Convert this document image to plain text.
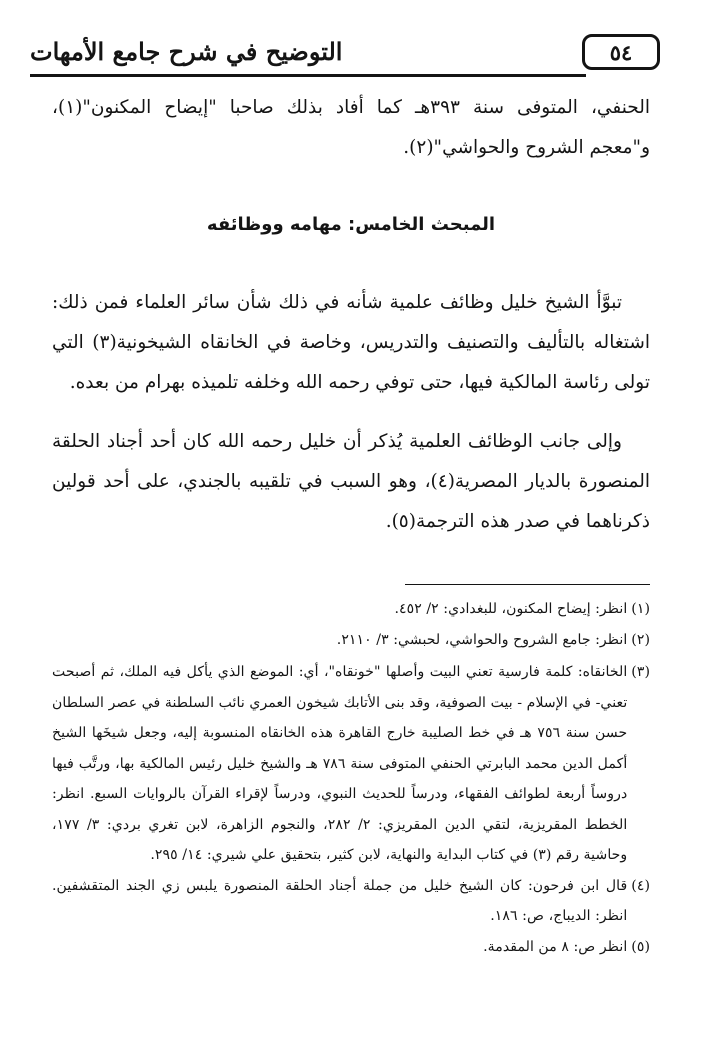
٥٤
التوضيح في شرح جامع الأمهات
الحنفي، المتوفى سنة ٣٩٣هـ كما أفاد بذلك صاحبا "إيضاح المكنون"(١)، و"معجم الشروح والحواشي"(٢).
المبحث الخامس: مهامه ووظائفه
تبوَّأ الشيخ خليل وظائف علمية شأنه في ذلك شأن سائر العلماء فمن ذلك: اشتغاله بالتأليف والتصنيف والتدريس، وخاصة في الخانقاه الشيخونية(٣) التي تولى رئاسة المالكية فيها، حتى توفي رحمه الله وخلفه تلميذه بهرام من بعده.
وإلى جانب الوظائف العلمية يُذكر أن خليل رحمه الله كان أحد أجناد الحلقة المنصورة بالديار المصرية(٤)، وهو السبب في تلقيبه بالجندي، على أحد قولين ذكرناهما في صدر هذه الترجمة(٥).
(١)
انظر: إيضاح المكنون، للبغدادي: ٢/ ٤٥٢.
(٢)
انظر: جامع الشروح والحواشي، لحبشي: ٣/ ٢١١٠.
(٣)
الخانقاه: كلمة فارسية تعني البيت وأصلها "خونقاه"، أي: الموضع الذي يأكل فيه الملك، ثم أصبحت تعني- في الإسلام - بيت الصوفية، وقد بنى الأتابك شيخون العمري نائب السلطنة في عصر السلطان حسن سنة ٧٥٦ هـ في خط الصليبة خارج القاهرة هذه الخانقاه المنسوبة إليه، وجعل شيخَها الشيخ أكمل الدين محمد البابرتي الحنفي المتوفى سنة ٧٨٦ هـ والشيخ خليل رئيس المالكية بها، ورتَّب فيها دروساً أربعة لطوائف الفقهاء، ودرساً للحديث النبوي، ودرساً لإقراء القرآن بالروايات السبع. انظر: الخطط المقريزية، لتقي الدين المقريزي: ٢/ ٢٨٢، والنجوم الزاهرة، لابن تغري بردي: ٣/ ١٧٧، وحاشية رقم (٣) في كتاب البداية والنهاية، لابن كثير، بتحقيق علي شيري: ١٤/ ٢٩٥.
(٤)
قال ابن فرحون: كان الشيخ خليل من جملة أجناد الحلقة المنصورة يلبس زي الجند المتقشفين. انظر: الديباج، ص: ١٨٦.
(٥)
انظر ص: ٨ من المقدمة.
